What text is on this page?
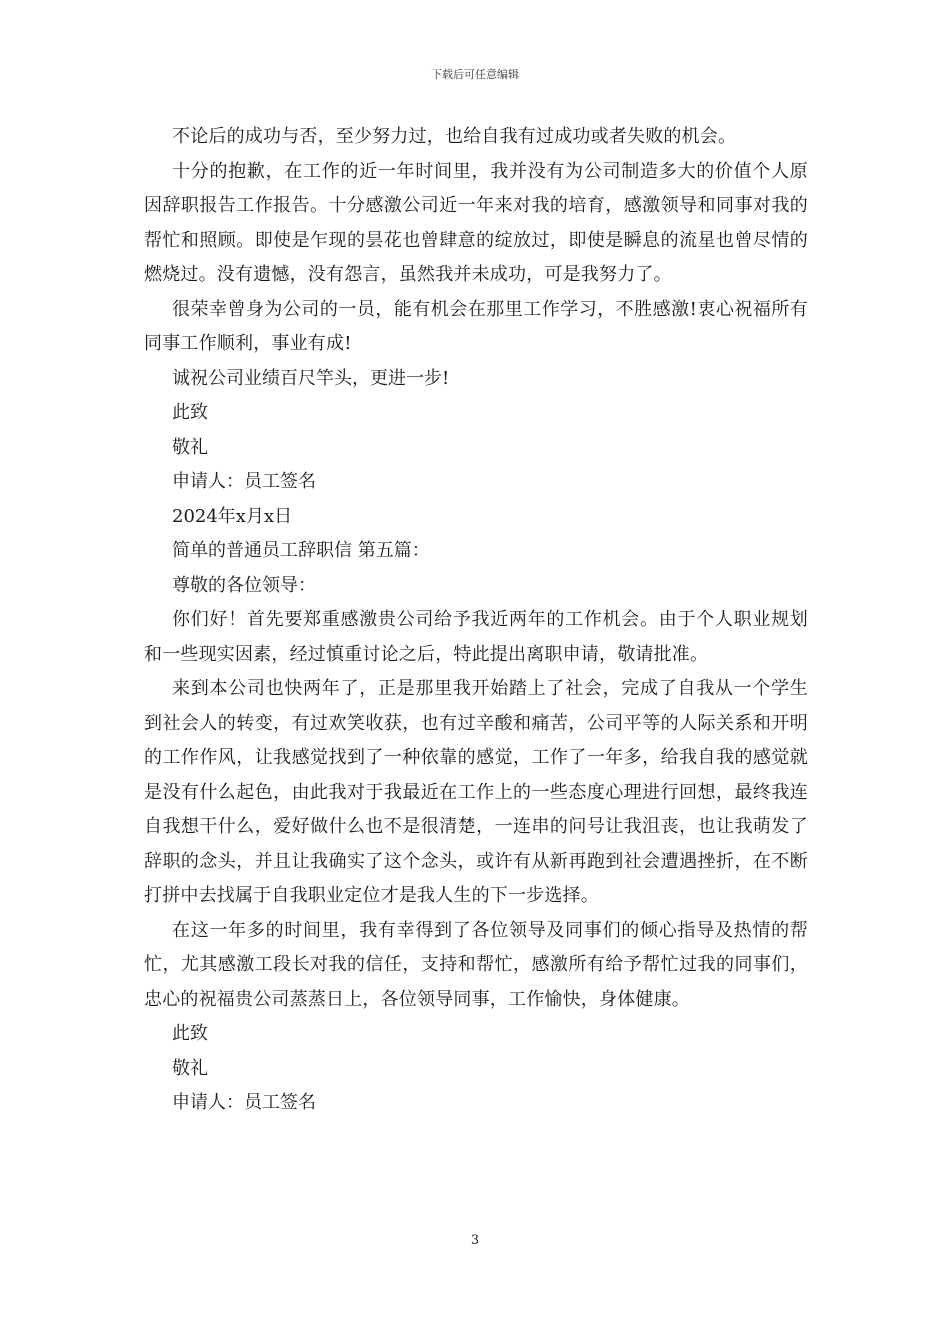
下载后可任意编辑

不论后的成功与否，至少努力过，也给自我有过成功或者失败的机会。

十分的抱歉，在工作的近一年时间里，我并没有为公司制造多大的价值个人原因辞职报告工作报告。十分感激公司近一年来对我的培育，感激领导和同事对我的帮忙和照顾。即使是乍现的昙花也曾肆意的绽放过，即使是瞬息的流星也曾尽情的燃烧过。没有遗憾，没有怨言，虽然我并未成功，可是我努力了。

很荣幸曾身为公司的一员，能有机会在那里工作学习，不胜感激!衷心祝福所有同事工作顺利，事业有成!

诚祝公司业绩百尺竿头，更进一步!

此致

敬礼

申请人：员工签名

2024年x月x日

简单的普通员工辞职信 第五篇：

尊敬的各位领导：

你们好！首先要郑重感激贵公司给予我近两年的工作机会。由于个人职业规划和一些现实因素，经过慎重讨论之后，特此提出离职申请，敬请批准。

来到本公司也快两年了，正是那里我开始踏上了社会，完成了自我从一个学生到社会人的转变，有过欢笑收获，也有过辛酸和痛苦，公司平等的人际关系和开明的工作作风，让我感觉找到了一种依靠的感觉，工作了一年多，给我自我的感觉就是没有什么起色，由此我对于我最近在工作上的一些态度心理进行回想，最终我连自我想干什么，爱好做什么也不是很清楚，一连串的问号让我沮丧，也让我萌发了辞职的念头，并且让我确实了这个念头，或许有从新再跑到社会遭遇挫折，在不断打拼中去找属于自我职业定位才是我人生的下一步选择。

在这一年多的时间里，我有幸得到了各位领导及同事们的倾心指导及热情的帮忙，尤其感激工段长对我的信任，支持和帮忙，感激所有给予帮忙过我的同事们，忠心的祝福贵公司蒸蒸日上，各位领导同事，工作愉快，身体健康。

此致

敬礼

申请人：员工签名

3
